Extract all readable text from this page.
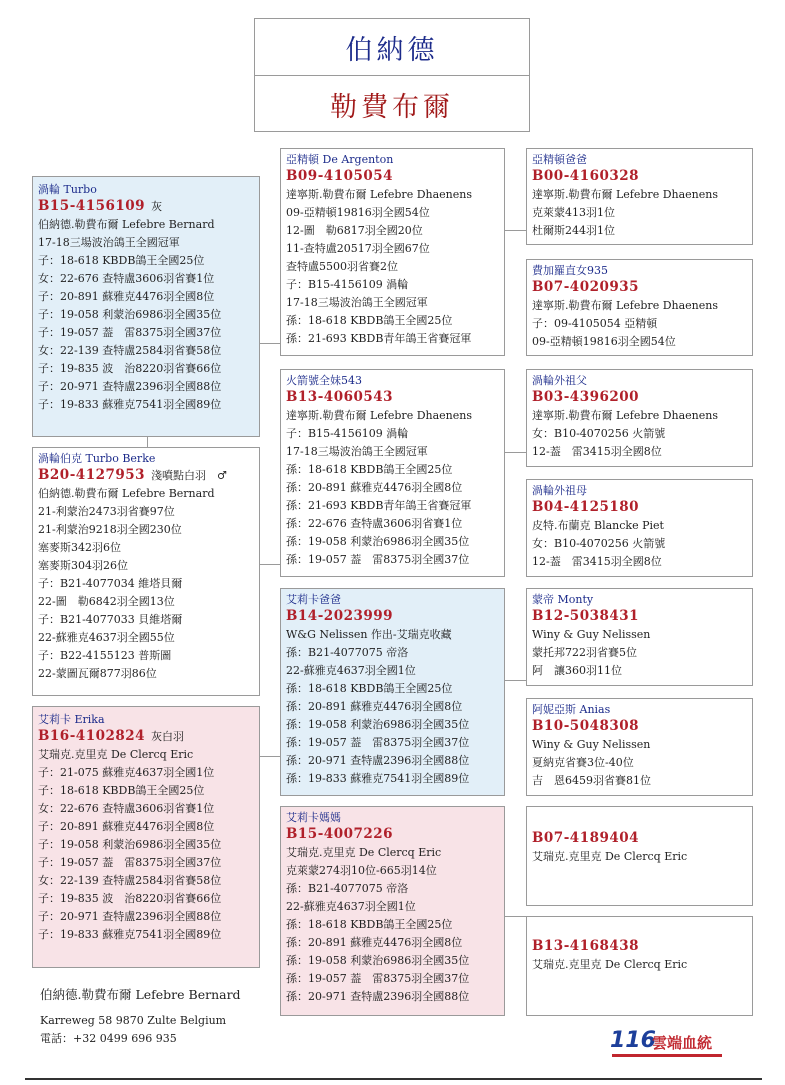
伯納德
勒費布爾
渦輪 Turbo
B15-4156109 灰
伯納德.勒費布爾 Lefebre Bernard
17-18三場波治鴿王全國冠軍
子：18-618 KBDB鴿王全國25位
女：22-676 查特盧3606羽省賽1位
子：20-891 蘇雅克4476羽全國8位
子：19-058 利蒙治6986羽全國35位
子：19-057 葢　雷8375羽全國37位
女：22-139 查特盧2584羽省賽58位
子：19-835 波　治8220羽省賽66位
子：20-971 查特盧2396羽全國88位
子：19-833 蘇雅克7541羽全國89位
渦輪伯克 Turbo Berke
B20-4127953 淺噴點白羽　♂
伯納德.勒費布爾 Lefebre Bernard
21-利蒙治2473羽省賽97位
21-利蒙治9218羽全國230位
塞麥斯342羽6位
塞麥斯304羽26位
子：B21-4077034 維塔貝爾
22-圖　勒6842羽全國13位
子：B21-4077033 貝維塔爾
22-蘇雅克4637羽全國55位
子：B22-4155123 普斯圖
22-蒙圖瓦爾877羽86位
艾莉卡 Erika
B16-4102824 灰白羽
艾瑞克.克里克 De Clercq Eric
子：21-075 蘇雅克4637羽全國1位
子：18-618 KBDB鴿王全國25位
女：22-676 查特盧3606羽省賽1位
子：20-891 蘇雅克4476羽全國8位
子：19-058 利蒙治6986羽全國35位
子：19-057 葢　雷8375羽全國37位
女：22-139 查特盧2584羽省賽58位
子：19-835 波　治8220羽省賽66位
子：20-971 查特盧2396羽全國88位
子：19-833 蘇雅克7541羽全國89位
亞精頓 De Argenton
B09-4105054
達寧斯.勒費布爾 Lefebre Dhaenens
09-亞精頓19816羽全國54位
12-圖　勒6817羽全國20位
11-查特盧20517羽全國67位
查特盧5500羽省賽2位
子：B15-4156109 渦輪
17-18三場波治鴿王全國冠軍
孫：18-618 KBDB鴿王全國25位
孫：21-693 KBDB青年鴿王省賽冠軍
火箭號全妹543
B13-4060543
達寧斯.勒費布爾 Lefebre Dhaenens
子：B15-4156109 渦輪
17-18三場波治鴿王全國冠軍
孫：18-618 KBDB鴿王全國25位
孫：20-891 蘇雅克4476羽全國8位
孫：21-693 KBDB青年鴿王省賽冠軍
孫：22-676 查特盧3606羽省賽1位
孫：19-058 利蒙治6986羽全國35位
孫：19-057 葢　雷8375羽全國37位
艾莉卡爸爸
B14-2023999
W&G Nelissen 作出-艾瑞克收藏
孫：B21-4077075 帝洛
22-蘇雅克4637羽全國1位
孫：18-618 KBDB鴿王全國25位
孫：20-891 蘇雅克4476羽全國8位
孫：19-058 利蒙治6986羽全國35位
孫：19-057 葢　雷8375羽全國37位
孫：20-971 查特盧2396羽全國88位
孫：19-833 蘇雅克7541羽全國89位
艾莉卡媽媽
B15-4007226
艾瑞克.克里克 De Clercq Eric
克萊蒙274羽10位-665羽14位
孫：B21-4077075 帝洛
22-蘇雅克4637羽全國1位
孫：18-618 KBDB鴿王全國25位
孫：20-891 蘇雅克4476羽全國8位
孫：19-058 利蒙治6986羽全國35位
孫：19-057 葢　雷8375羽全國37位
孫：20-971 查特盧2396羽全國88位
亞精頓爸爸
B00-4160328
達寧斯.勒費布爾 Lefebre Dhaenens
克萊蒙413羽1位
杜爾斯244羽1位
費加羅直女935
B07-4020935
達寧斯.勒費布爾 Lefebre Dhaenens
子：09-4105054 亞精頓
09-亞精頓19816羽全國54位
渦輪外祖父
B03-4396200
達寧斯.勒費布爾 Lefebre Dhaenens
女：B10-4070256 火箭號
12-葢　雷3415羽全國8位
渦輪外祖母
B04-4125180
皮特.布蘭克 Blancke Piet
女：B10-4070256 火箭號
12-葢　雷3415羽全國8位
蒙帝 Monty
B12-5038431
Winy & Guy Nelissen
蒙托邦722羽省賽5位
阿　讓360羽11位
阿妮亞斯 Anias
B10-5048308
Winy & Guy Nelissen
夏納克省賽3位-40位
吉　恩6459羽省賽81位
B07-4189404
艾瑞克.克里克 De Clercq Eric
B13-4168438
艾瑞克.克里克 De Clercq Eric
伯納德.勒費布爾 Lefebre Bernard
Karreweg 58 9870 Zulte Belgium
電話：+32 0499 696 935	116
雲端血統
